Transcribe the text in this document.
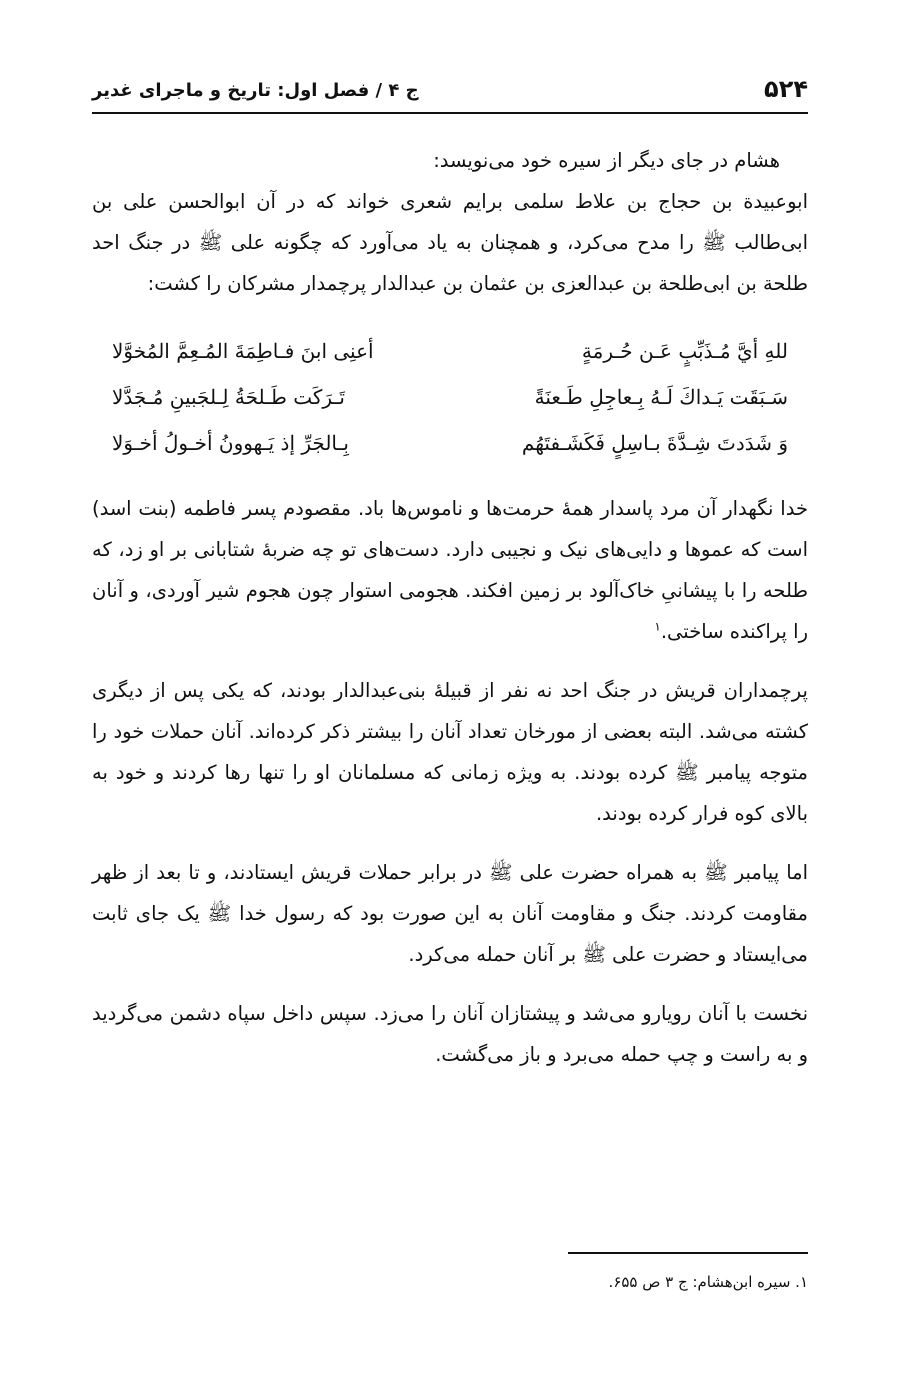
۵۲۴
ج ۴ / فصل اول: تاریخ و ماجرای غدیر

هشام در جای دیگر از سیره خود می‌نویسد:

ابوعبیدة بن حجاج بن علاط سلمی برایم شعری خواند که در آن ابوالحسن علی بن ابی‌طالب ﷺ را مدح می‌کرد، و همچنان به یاد می‌آورد که چگونه علی ﷺ در جنگ احد طلحة بن ابی‌طلحة بن عبدالعزی بن عثمان بن عبدالدار پرچمدار مشرکان را کشت:

للهِ أيَّ مُـذَبِّبٍ عَـن حُـرمَةٍ
أعنِی ابنَ فـاطِمَةَ المُـعِمَّ المُخوَّلا
سَـبَقَت يَـداكَ لَـهُ بِـعاجِلِ طَـعنَةً
تَـرَكَت طَـلحَةُ لِـلجَبينِ مُـجَدَّلا
وَ شَدَدتَ شِـدَّةَ بـاسِلٍ فَكَشَـفتَهُم
بِـالجَرِّ إذ يَـهوونُ أخـولُ أخـوَلا

خدا نگهدار آن مرد پاسدار همهٔ حرمت‌ها و ناموس‌ها باد. مقصودم پسر فاطمه (بنت اسد) است که عموها و دایی‌های نیک و نجیبی دارد. دست‌های تو چه ضربهٔ شتابانی بر او زد، که طلحه را با پیشانیِ خاک‌آلود بر زمین افکند. هجومی استوار چون هجوم شیر آوردی، و آنان را پراکنده ساختی.$^۱$

پرچمداران قریش در جنگ احد نه نفر از قبیلهٔ بنی‌عبدالدار بودند، که یکی پس از دیگری کشته می‌شد. البته بعضی از مورخان تعداد آنان را بیشتر ذکر کرده‌اند. آنان حملات خود را متوجه پیامبر ﷺ کرده بودند. به ویژه زمانی که مسلمانان او را تنها رها کردند و خود به بالای کوه فرار کرده بودند.

اما پیامبر ﷺ به همراه حضرت علی ﷺ در برابر حملات قریش ایستادند، و تا بعد از ظهر مقاومت کردند. جنگ و مقاومت آنان به این صورت بود که رسول خدا ﷺ یک جای ثابت می‌ایستاد و حضرت علی ﷺ بر آنان حمله می‌کرد.

نخست با آنان رویارو می‌شد و پیشتازان آنان را می‌زد. سپس داخل سپاه دشمن می‌گردید و به راست و چپ حمله می‌برد و باز می‌گشت.

۱. سیره ابن‌هشام: ج ۳ ص ۶۵۵.
